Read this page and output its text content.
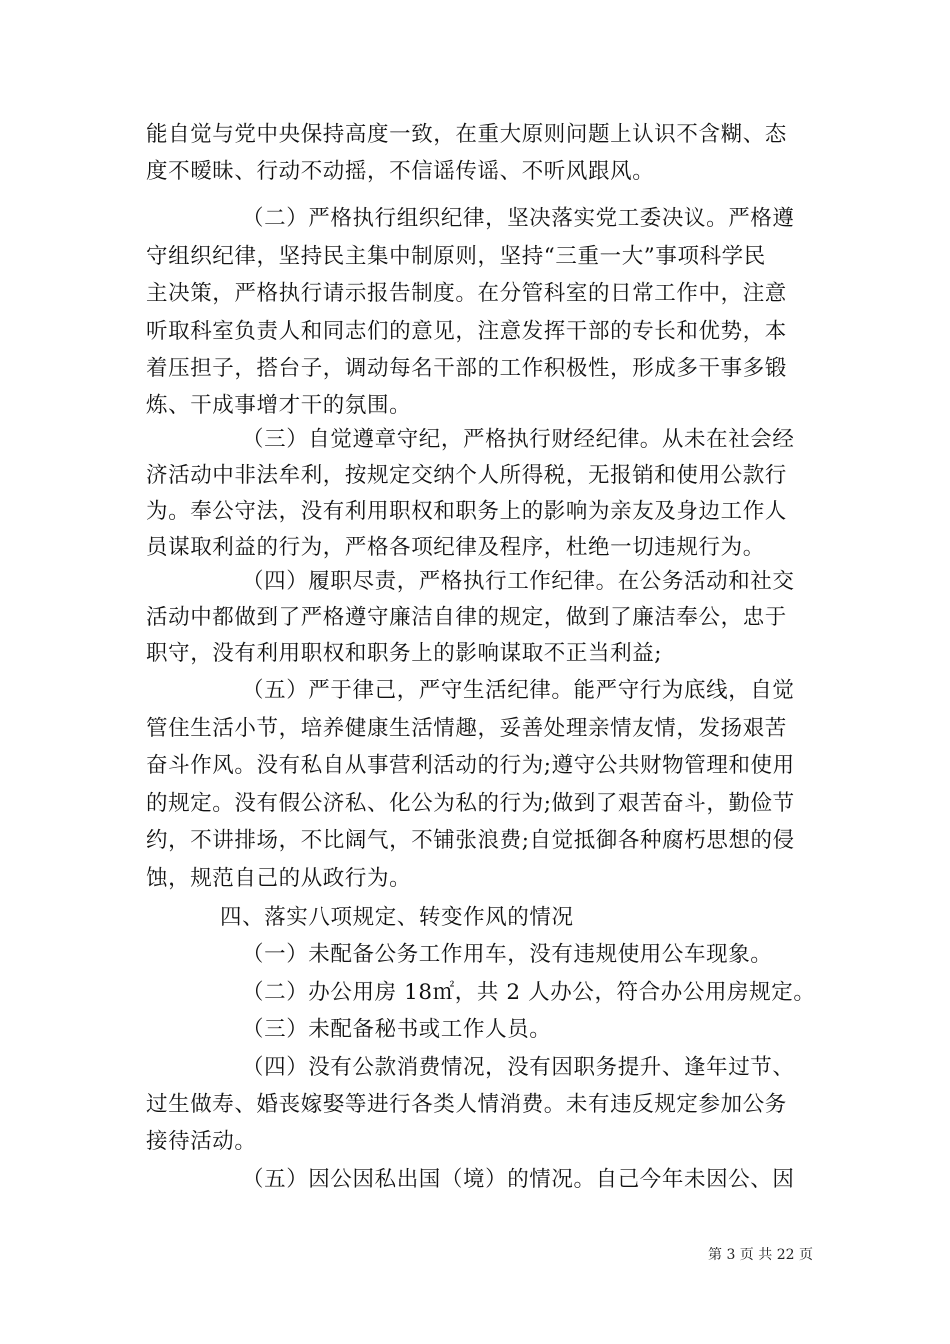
能自觉与党中央保持高度一致，在重大原则问题上认识不含糊、态
度不暧昧、行动不动摇，不信谣传谣、不听风跟风。
（二）严格执行组织纪律，坚决落实党工委决议。严格遵
守组织纪律，坚持民主集中制原则，坚持“三重一大”事项科学民
主决策，严格执行请示报告制度。在分管科室的日常工作中，注意
听取科室负责人和同志们的意见，注意发挥干部的专长和优势，本
着压担子，搭台子，调动每名干部的工作积极性，形成多干事多锻
炼、干成事增才干的氛围。
（三）自觉遵章守纪，严格执行财经纪律。从未在社会经
济活动中非法牟利，按规定交纳个人所得税，无报销和使用公款行
为。奉公守法，没有利用职权和职务上的影响为亲友及身边工作人
员谋取利益的行为，严格各项纪律及程序，杜绝一切违规行为。
（四）履职尽责，严格执行工作纪律。在公务活动和社交
活动中都做到了严格遵守廉洁自律的规定，做到了廉洁奉公，忠于
职守，没有利用职权和职务上的影响谋取不正当利益;
（五）严于律己，严守生活纪律。能严守行为底线，自觉
管住生活小节，培养健康生活情趣，妥善处理亲情友情，发扬艰苦
奋斗作风。没有私自从事营利活动的行为;遵守公共财物管理和使用
的规定。没有假公济私、化公为私的行为;做到了艰苦奋斗，勤俭节
约，不讲排场，不比阔气，不铺张浪费;自觉抵御各种腐朽思想的侵
蚀，规范自己的从政行为。
四、落实八项规定、转变作风的情况
（一）未配备公务工作用车，没有违规使用公车现象。
（二）办公用房 18㎡，共 2 人办公，符合办公用房规定。
（三）未配备秘书或工作人员。
（四）没有公款消费情况，没有因职务提升、逢年过节、
过生做寿、婚丧嫁娶等进行各类人情消费。未有违反规定参加公务
接待活动。
（五）因公因私出国（境）的情况。自己今年未因公、因
第 3 页 共 22 页
